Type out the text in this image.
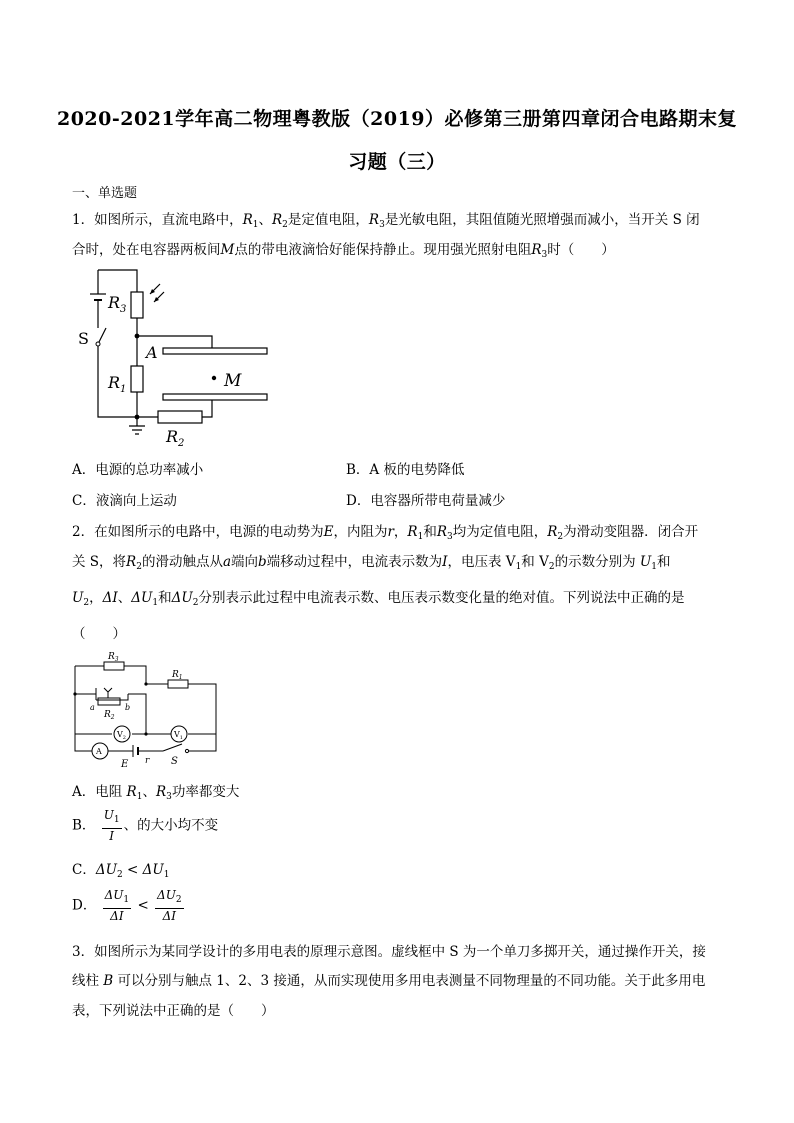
2020-2021学年高二物理粤教版（2019）必修第三册第四章闭合电路期末复
习题（三）
一、单选题
1．如图所示，直流电路中，$R_1$、$R_2$是定值电阻，$R_3$是光敏电阻，其阻值随光照增强而减小，当开关 S 闭
合时，处在电容器两板间M点的带电液滴恰好能保持静止。现用强光照射电阻$R_3$时（　　）
$R_3$
S
A
$R_1$	M
$R_2$
A．电源的总功率减小	B．A 板的电势降低
C．液滴向上运动	D．电容器所带电荷量减少
2．在如图所示的电路中，电源的电动势为E，内阻为r，$R_1$和$R_3$均为定值电阻，$R_2$为滑动变阻器．闭合开
关 S，将$R_2$的滑动触点从a端向b端移动过程中，电流表示数为I，电压表 $V_1$和 $V_2$的示数分别为 $U_1$和
$U_2$，ΔI、$\Delta U_1$和$\Delta U_2$分别表示此过程中电流表示数、电压表示数变化量的绝对值。下列说法中正确的是
（　　）
$R_3$
$R_1$
a	b
$R_2$
$V_2$	$V_1$
A
E r S
A．电阻 $R_1$、$R_3$功率都变大
B． $\frac{U_1}{I}$ 、的大小均不变
C．$\Delta U_2 < \Delta U_1$
D． $\frac{\Delta U_1}{\Delta I} < \frac{\Delta U_2}{\Delta I}$
3．如图所示为某同学设计的多用电表的原理示意图。虚线框中 S 为一个单刀多掷开关，通过操作开关，接
线柱 B 可以分别与触点 1、2、3 接通，从而实现使用多用电表测量不同物理量的不同功能。关于此多用电
表，下列说法中正确的是（　　）
